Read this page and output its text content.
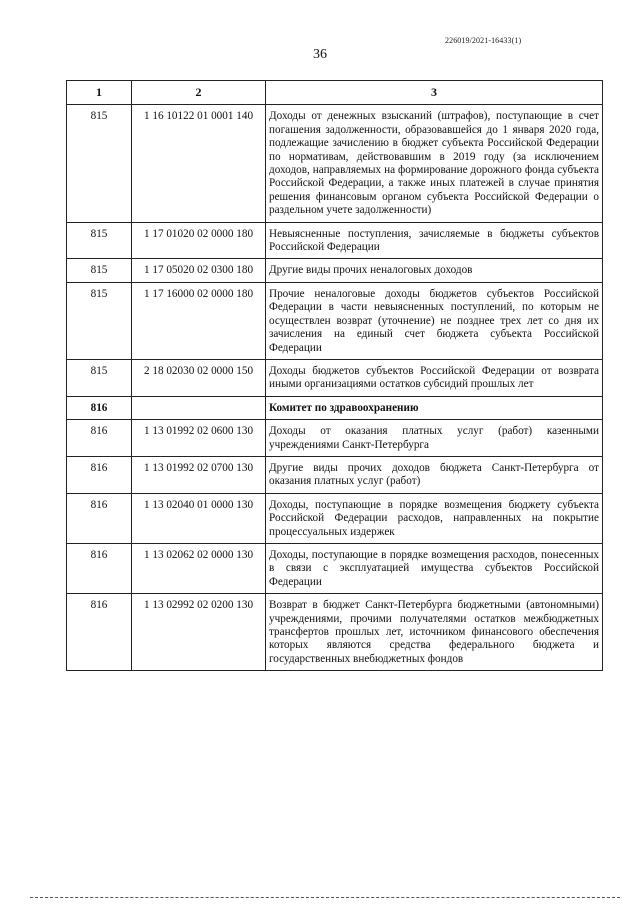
226019/2021-16433(1)
36
1	2	3
815	1 16 10122 01 0001 140	Доходы от денежных взысканий (штрафов), поступающие в счет погашения задолженности, образовавшейся до 1 января 2020 года, подлежащие зачислению в бюджет субъекта Российской Федерации по нормативам, действовавшим в 2019 году (за исключением доходов, направляемых на формирование дорожного фонда субъекта Российской Федерации, а также иных платежей в случае принятия решения финансовым органом субъекта Российской Федерации о раздельном учете задолженности)
815	1 17 01020 02 0000 180	Невыясненные поступления, зачисляемые в бюджеты субъектов Российской Федерации
815	1 17 05020 02 0300 180	Другие виды прочих неналоговых доходов
815	1 17 16000 02 0000 180	Прочие неналоговые доходы бюджетов субъектов Российской Федерации в части невыясненных поступлений, по которым не осуществлен возврат (уточнение) не позднее трех лет со дня их зачисления на единый счет бюджета субъекта Российской Федерации
815	2 18 02030 02 0000 150	Доходы бюджетов субъектов Российской Федерации от возврата иными организациями остатков субсидий прошлых лет
816		Комитет по здравоохранению
816	1 13 01992 02 0600 130	Доходы от оказания платных услуг (работ) казенными учреждениями Санкт-Петербурга
816	1 13 01992 02 0700 130	Другие виды прочих доходов бюджета Санкт-Петербурга от оказания платных услуг (работ)
816	1 13 02040 01 0000 130	Доходы, поступающие в порядке возмещения бюджету субъекта Российской Федерации расходов, направленных на покрытие процессуальных издержек
816	1 13 02062 02 0000 130	Доходы, поступающие в порядке возмещения расходов, понесенных в связи с эксплуатацией имущества субъектов Российской Федерации
816	1 13 02992 02 0200 130	Возврат в бюджет Санкт-Петербурга бюджетными (автономными) учреждениями, прочими получателями остатков межбюджетных трансфертов прошлых лет, источником финансового обеспечения которых являются средства федерального бюджета и государственных внебюджетных фондов
